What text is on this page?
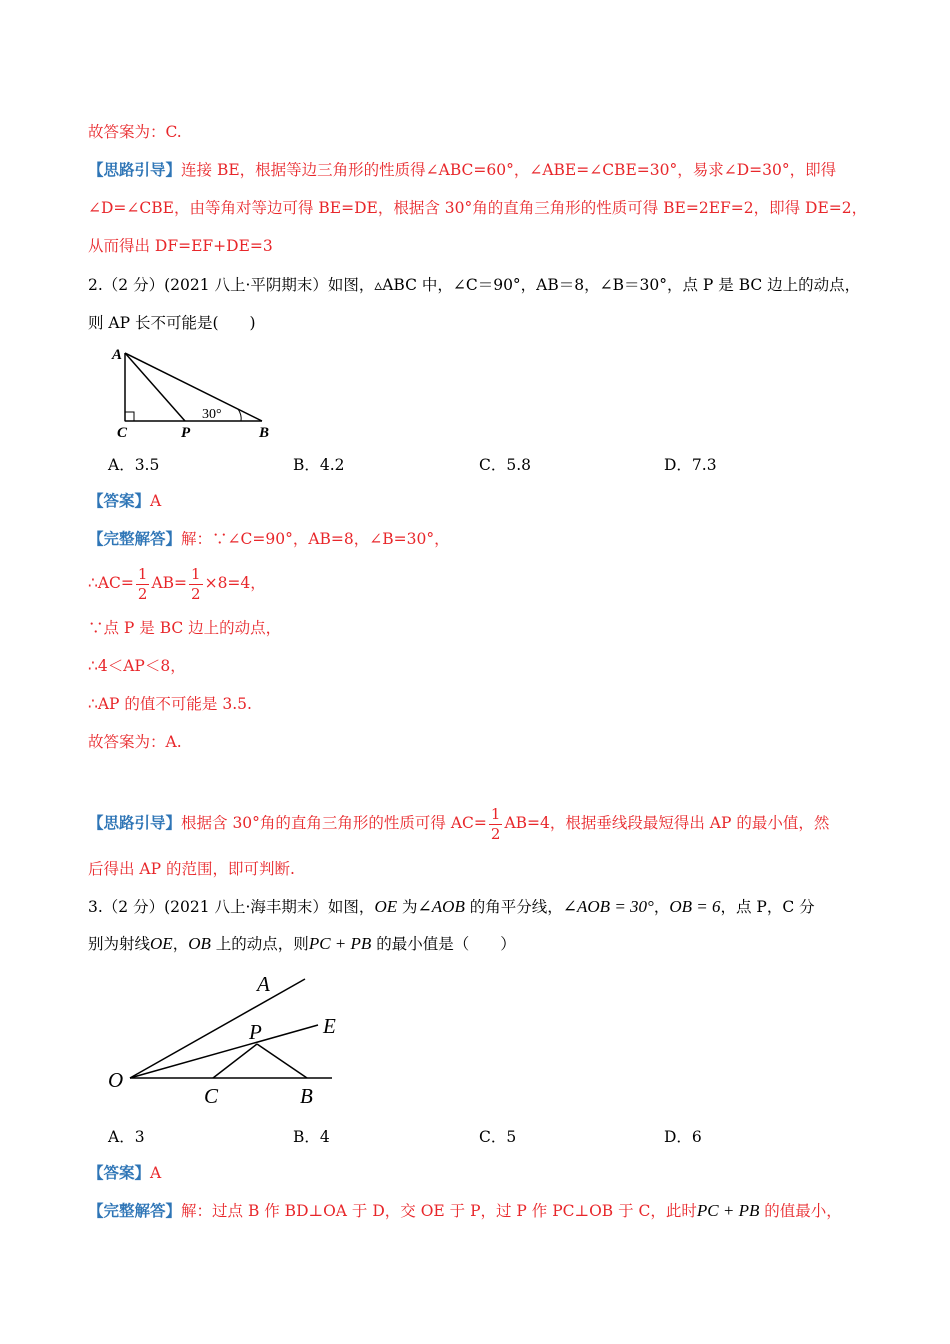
故答案为：C.
【思路引导】连接 BE，根据等边三角形的性质得∠ABC=60°，∠ABE=∠CBE=30°，易求∠D=30°，即得
∠D=∠CBE，由等角对等边可得 BE=DE，根据含 30°角的直角三角形的性质可得 BE=2EF=2，即得 DE=2，
从而得出 DF=EF+DE=3
2.（2 分）(2021 八上·平阴期末）如图，▵ABC 中，∠C＝90°，AB＝8，∠B＝30°，点 P 是 BC 边上的动点，
则 AP 长不可能是(　　)
A
C	P	B
30°
A．3.5	B．4.2	C．5.8	D．7.3
【答案】A
【完整解答】解：∵∠C=90°，AB=8，∠B=30°，
∴AC= $\frac{1}{2} AB= \frac{1}{2} \times 8=4$，
∵点 P 是 BC 边上的动点，
∴4＜AP＜8，
∴AP 的值不可能是 3.5.
故答案为：A.
【思路引导】根据含 30°角的直角三角形的性质可得 $AC= \frac{1}{2} AB=4$，根据垂线段最短得出 AP 的最小值，然
后得出 AP 的范围，即可判断.
3.（2 分）(2021 八上·海丰期末）如图，OE 为∠AOB 的角平分线，∠AOB = 30°，OB = 6，点 P，C 分
别为射线OE，OB 上的动点，则PC + PB 的最小值是（　　）
A
E
P
O
C	B
A．3	B．4	C．5	D．6
【答案】A
【完整解答】解：过点 B 作 BD⊥OA 于 D，交 OE 于 P，过 P 作 PC⊥OB 于 C，此时PC + PB 的值最小，
